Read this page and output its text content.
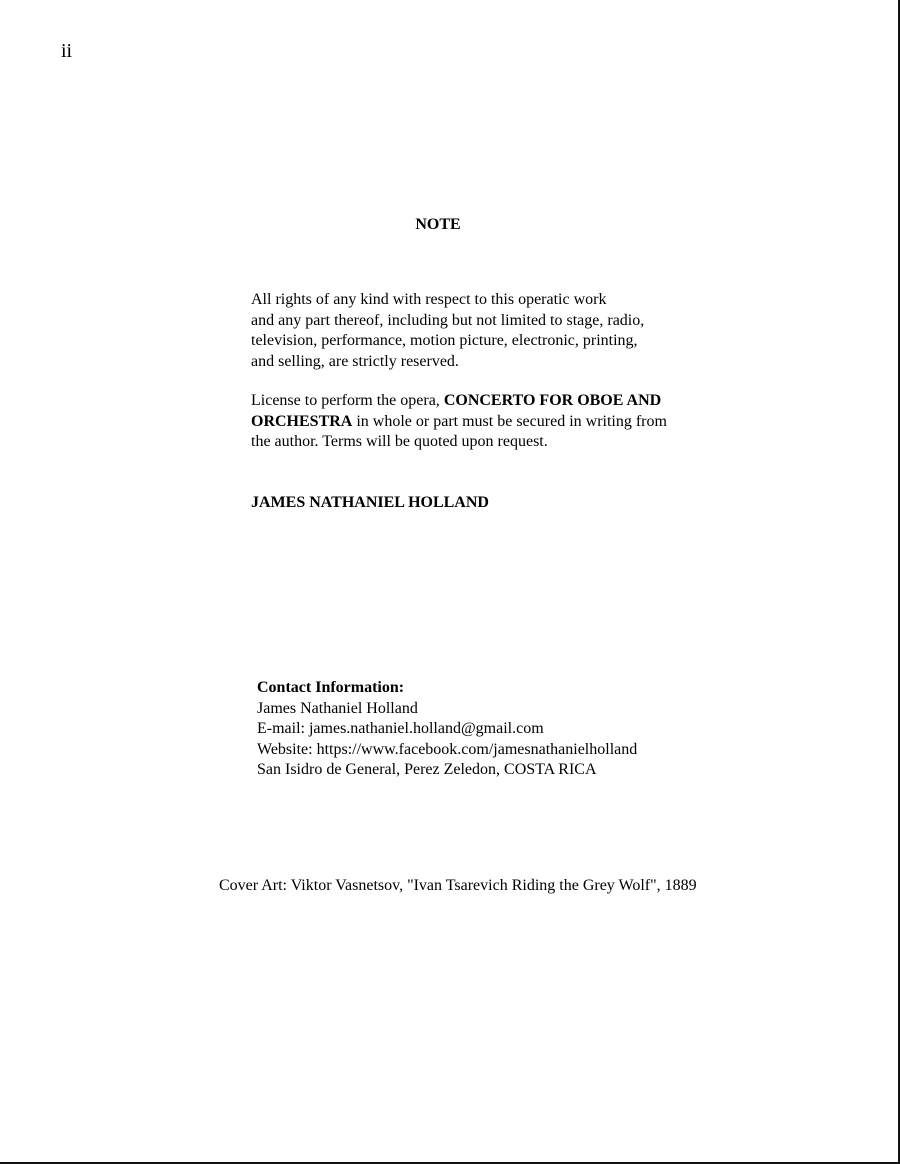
ii
NOTE
All rights of any kind with respect to this operatic work
and any part thereof, including but not limited to stage, radio,
television, performance, motion picture, electronic, printing,
and selling, are strictly reserved.
License to perform the opera, CONCERTO FOR OBOE AND
ORCHESTRA in whole or part must be secured in writing from
the author. Terms will be quoted upon request.
JAMES NATHANIEL HOLLAND
Contact Information:
James Nathaniel Holland
E-mail: james.nathaniel.holland@gmail.com
Website: https://www.facebook.com/jamesnathanielholland
San Isidro de General, Perez Zeledon, COSTA RICA
Cover Art: Viktor Vasnetsov, "Ivan Tsarevich Riding the Grey Wolf", 1889
